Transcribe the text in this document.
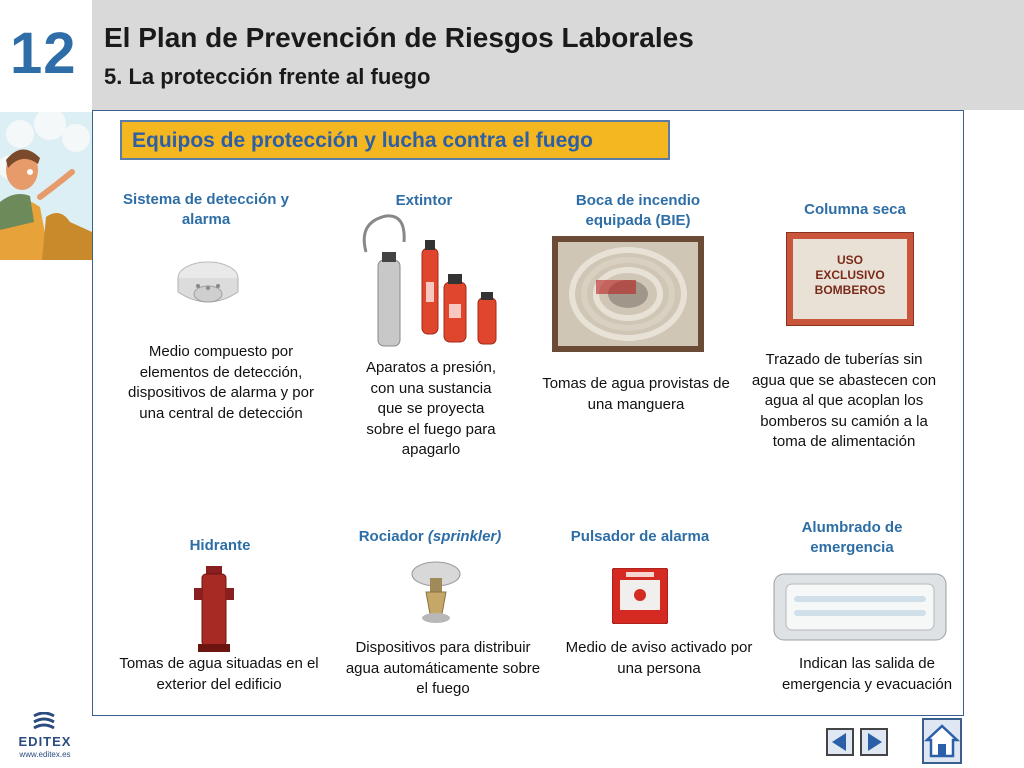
12 El Plan de Prevención de Riesgos Laborales
5. La protección frente al fuego
Equipos de protección y lucha contra el fuego
Sistema de detección y
alarma
Medio compuesto por
elementos de detección,
dispositivos de alarma y por
una central de detección
Extintor
Aparatos a presión,
con una sustancia
que se proyecta
sobre el fuego para
apagarlo
Boca de incendio
equipada (BIE)
Tomas de agua provistas de
una manguera
Columna seca
USO
EXCLUSIVO
BOMBEROS
Trazado de tuberías sin
agua que se abastecen con
agua al que acoplan los
bomberos su camión a la
toma de alimentación
Hidrante
Tomas de agua situadas en el
exterior del edificio
Rociador (sprinkler)
Dispositivos para distribuir
agua automáticamente sobre
el fuego
Pulsador de alarma
Medio de aviso activado por
una persona
Alumbrado de
emergencia
Indican las salida de
emergencia y evacuación
EDITEX
www.editex.es
